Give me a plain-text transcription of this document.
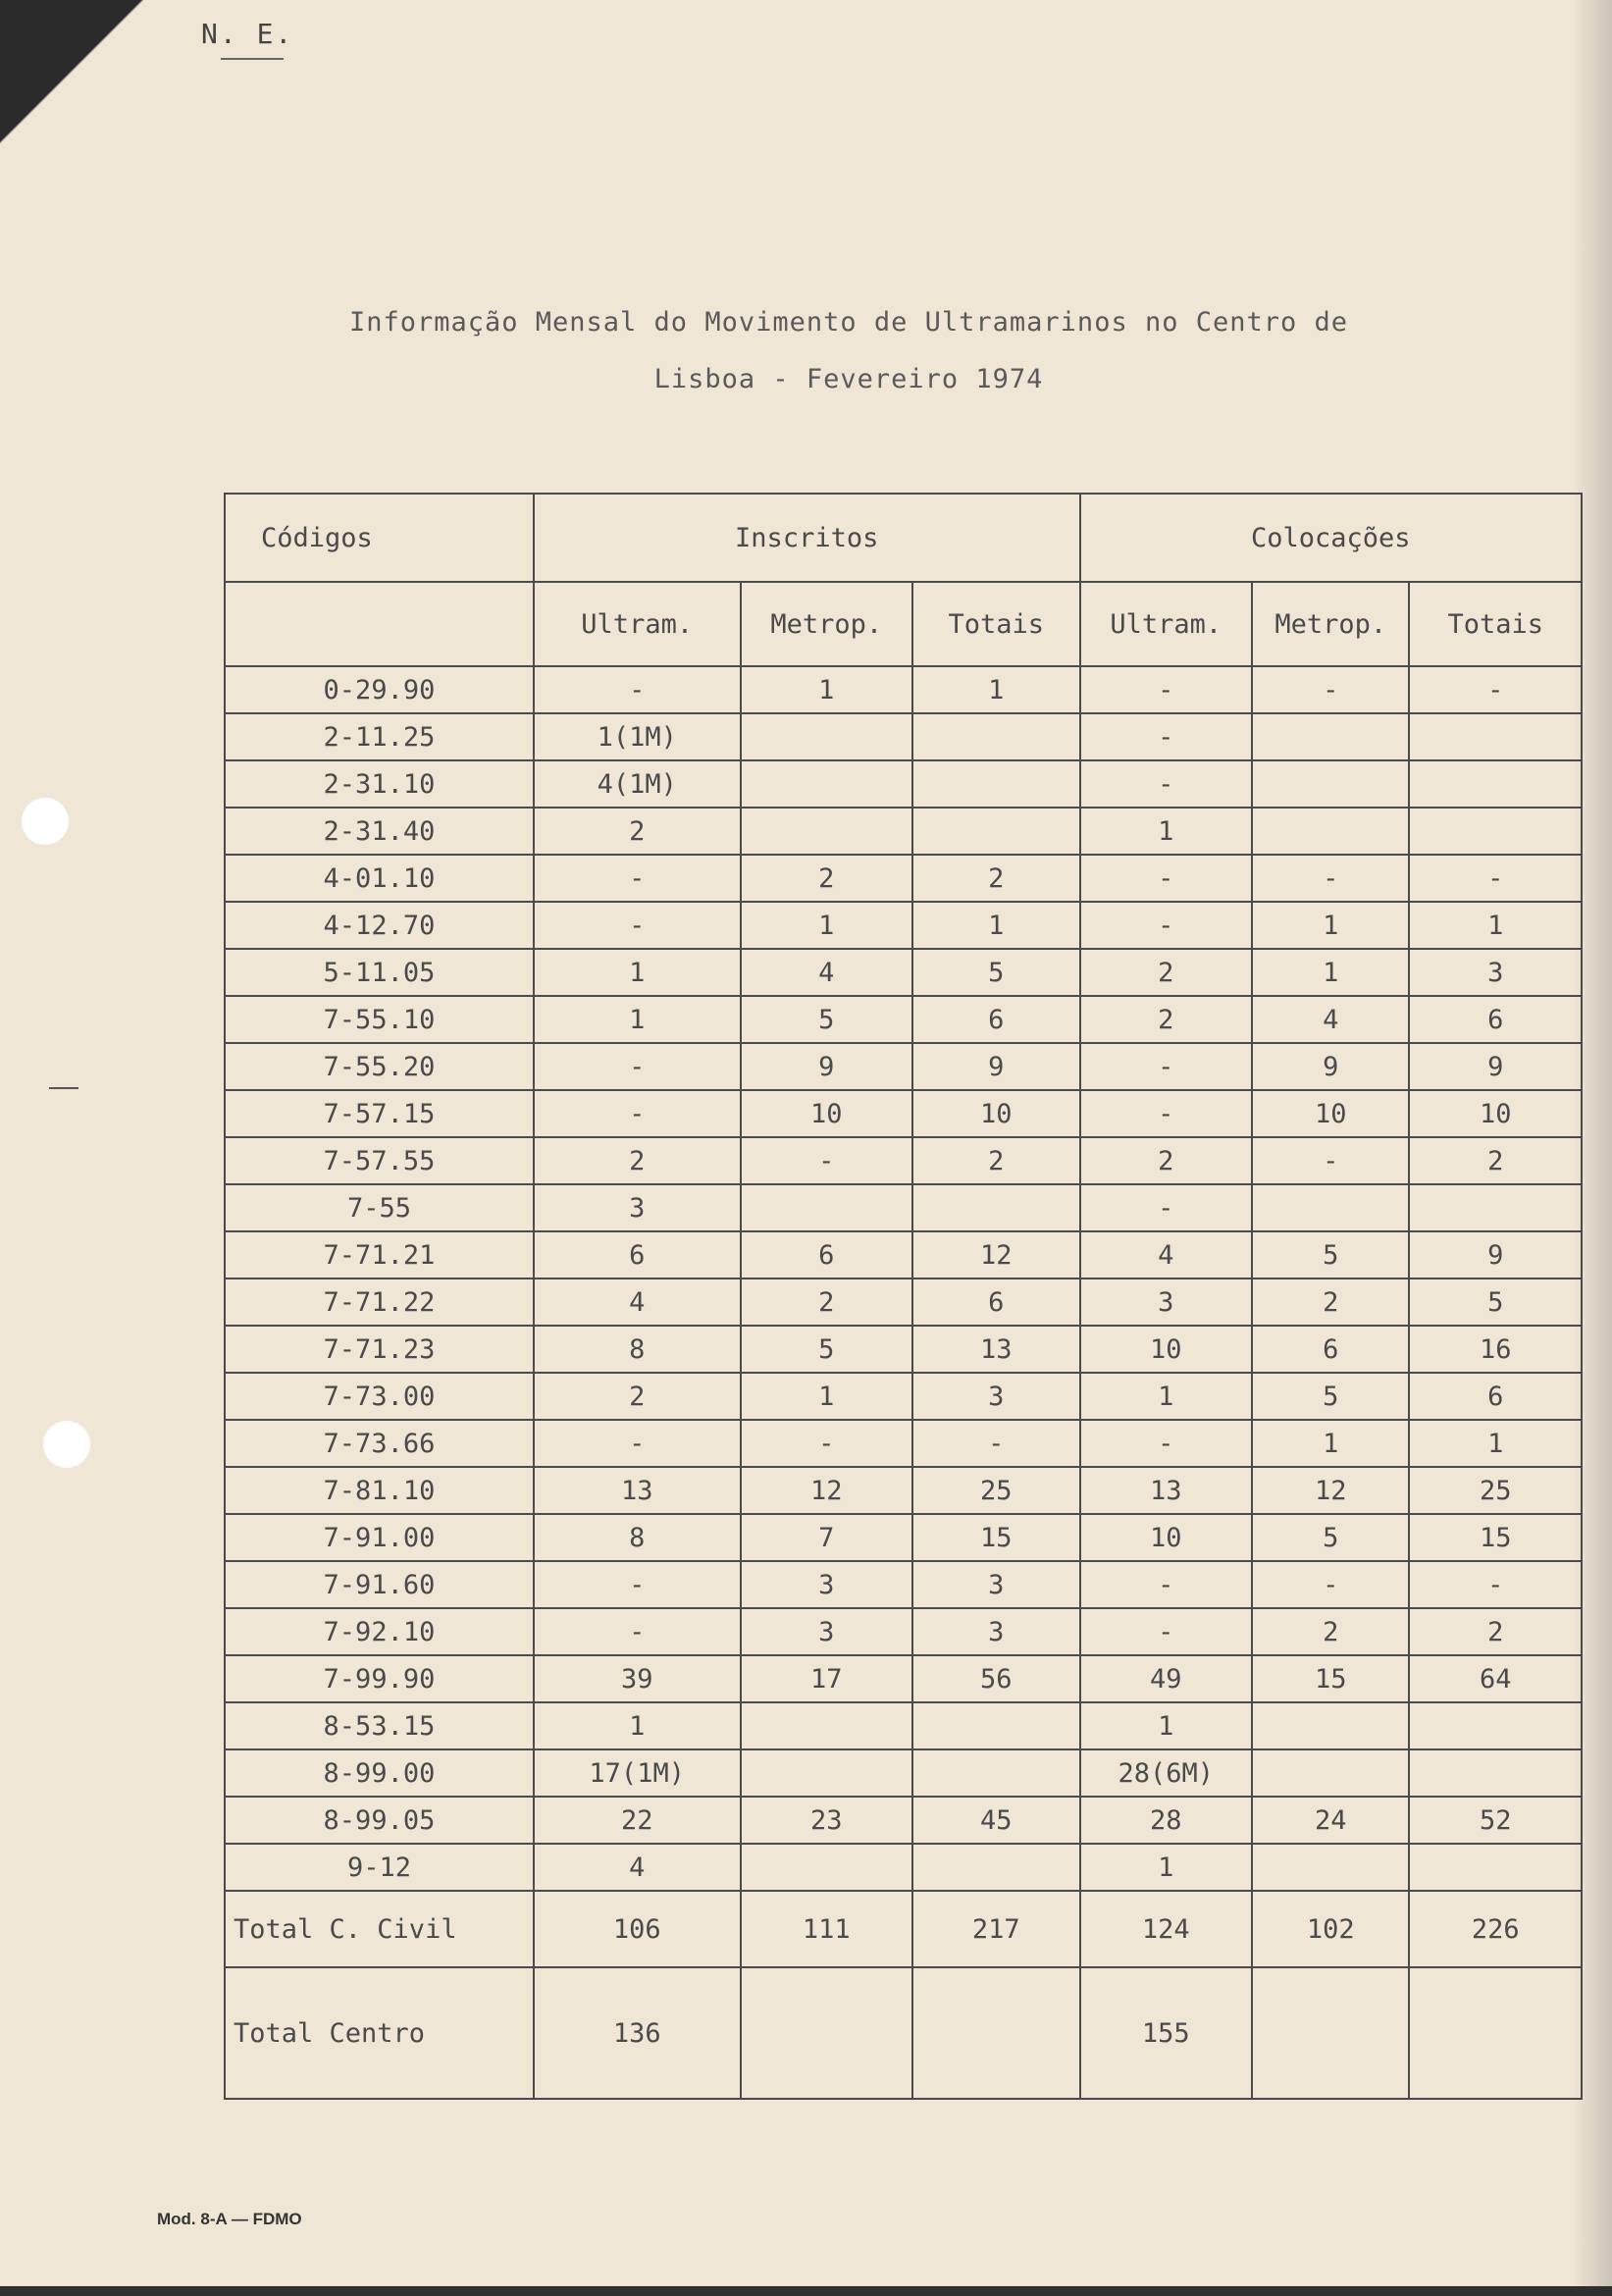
N. E.
Informação Mensal do Movimento de Ultramarinos no Centro de
Lisboa - Fevereiro 1974
Códigos	Inscritos			Colocações		
	Ultram.	Metrop.	Totais	Ultram.	Metrop.	Totais
0-29.90	-	1	1	-	-	-
2-11.25	1(1M)			-		
2-31.10	4(1M)			-		
2-31.40	2			1		
4-01.10	-	2	2	-	-	-
4-12.70	-	1	1	-	1	1
5-11.05	1	4	5	2	1	3
7-55.10	1	5	6	2	4	6
7-55.20	-	9	9	-	9	9
7-57.15	-	10	10	-	10	10
7-57.55	2	-	2	2	-	2
7-55	3			-		
7-71.21	6	6	12	4	5	9
7-71.22	4	2	6	3	2	5
7-71.23	8	5	13	10	6	16
7-73.00	2	1	3	1	5	6
7-73.66	-	-	-	-	1	1
7-81.10	13	12	25	13	12	25
7-91.00	8	7	15	10	5	15
7-91.60	-	3	3	-	-	-
7-92.10	-	3	3	-	2	2
7-99.90	39	17	56	49	15	64
8-53.15	1			1		
8-99.00	17(1M)			28(6M)		
8-99.05	22	23	45	28	24	52
9-12	4			1		
Total C. Civil	106	111	217	124	102	226
Total Centro	136			155		
Mod. 8-A — FDMO
